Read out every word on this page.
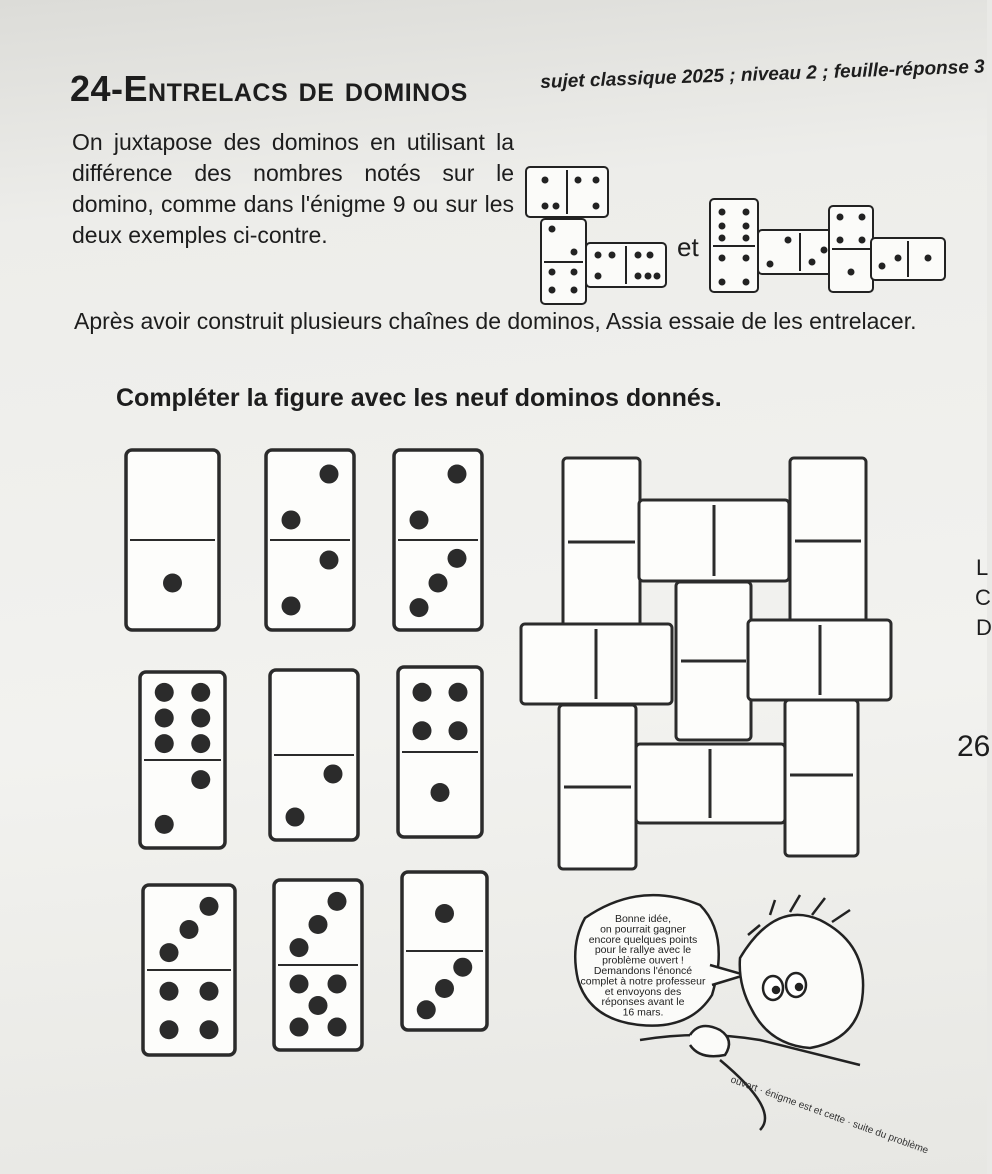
sujet classique 2025 ; niveau 2 ; feuille-réponse 3
24-Entrelacs de dominos
On juxtapose des dominos en utilisant la différence des nombres notés sur le domino, comme dans l'énigme 9 ou sur les deux exemples ci-contre.	et
Après avoir construit plusieurs chaînes de dominos, Assia essaie de les entrelacer.
Compléter la figure avec les neuf dominos donnés.
26
L
C
D
Bonne idée,
on pourrait gagner
encore quelques points
pour le rallye avec le
problème ouvert !
Demandons l'énoncé
complet à notre professeur
et envoyons des
réponses avant le
16 mars.
ouvert · énigme est et cette · suite du problème
